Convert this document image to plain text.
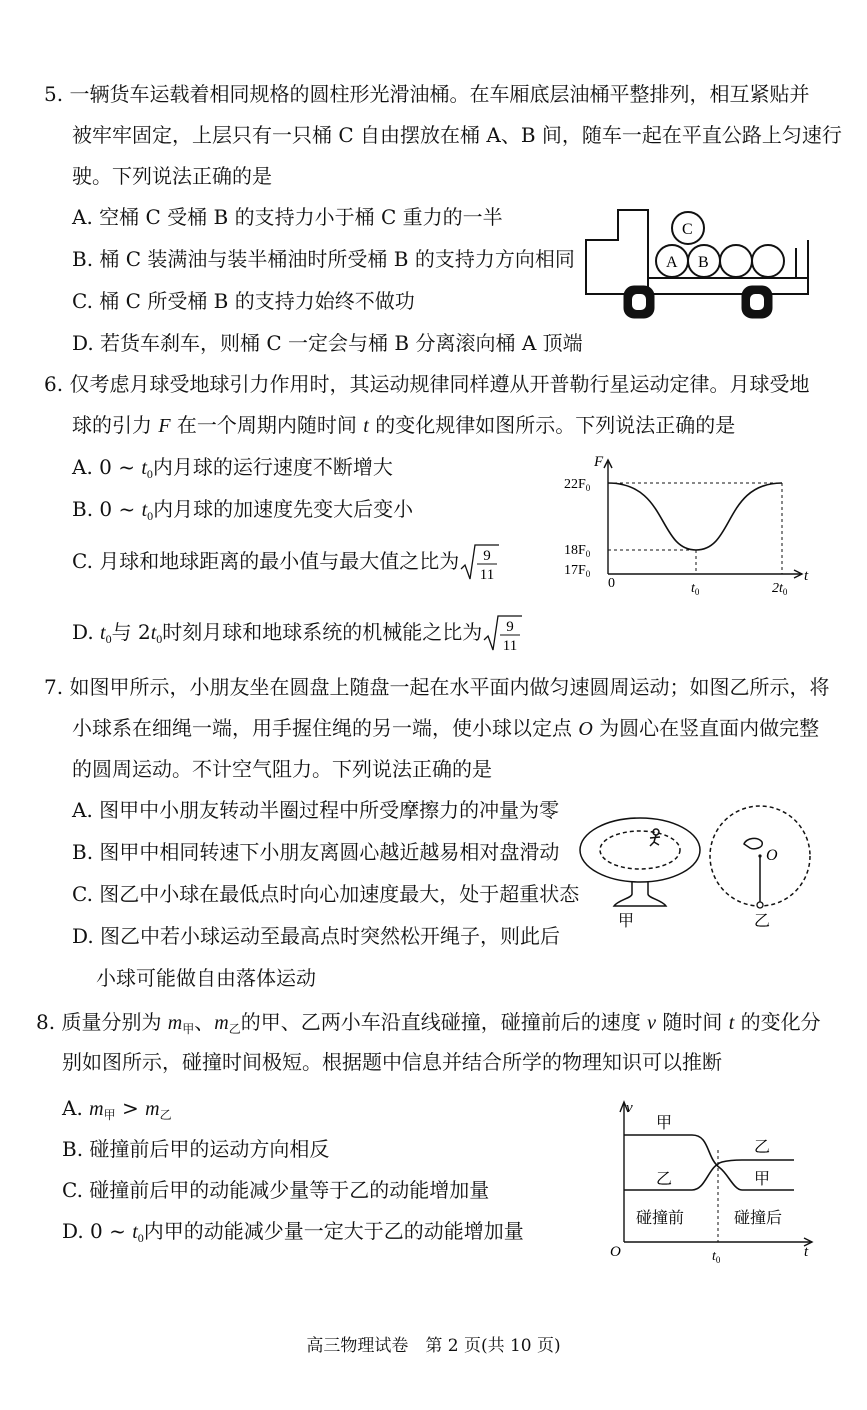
5. 一辆货车运载着相同规格的圆柱形光滑油桶。在车厢底层油桶平整排列，相互紧贴并
被牢牢固定，上层只有一只桶 C 自由摆放在桶 A、B 间，随车一起在平直公路上匀速行
驶。下列说法正确的是
A. 空桶 C 受桶 B 的支持力小于桶 C 重力的一半
B. 桶 C 装满油与装半桶油时所受桶 B 的支持力方向相同
C. 桶 C 所受桶 B 的支持力始终不做功
D. 若货车刹车，则桶 C 一定会与桶 B 分离滚向桶 A 顶端
A B
C
6. 仅考虑月球受地球引力作用时，其运动规律同样遵从开普勒行星运动定律。月球受地
球的引力 F 在一个周期内随时间 t 的变化规律如图所示。下列说法正确的是
A. 0 ~ $t_0$内月球的运行速度不断增大
B. 0 ~ $t_0$内月球的加速度先变大后变小
C. 月球和地球距离的最小值与最大值之比为 9
11
D. $t_0$与 $2t_0$时刻月球和地球系统的机械能之比为 9
11
F
t
$22F_0$
$18F_0$
$17F_0$
0	$t_0$	$2t_0$
7. 如图甲所示，小朋友坐在圆盘上随盘一起在水平面内做匀速圆周运动；如图乙所示，将
小球系在细绳一端，用手握住绳的另一端，使小球以定点 O 为圆心在竖直面内做完整
的圆周运动。不计空气阻力。下列说法正确的是
A. 图甲中小朋友转动半圈过程中所受摩擦力的冲量为零
B. 图甲中相同转速下小朋友离圆心越近越易相对盘滑动
C. 图乙中小球在最低点时向心加速度最大，处于超重状态
D. 图乙中若小球运动至最高点时突然松开绳子，则此后
小球可能做自由落体运动
O
甲	乙
8. 质量分别为 $m_甲$、$m_乙$的甲、乙两小车沿直线碰撞，碰撞前后的速度 v 随时间 t 的变化分
别如图所示，碰撞时间极短。根据题中信息并结合所学的物理知识可以推断
A. $m_甲 > m_乙$
B. 碰撞前后甲的运动方向相反
C. 碰撞前后甲的动能减少量等于乙的动能增加量
D. 0 ~ $t_0$内甲的动能减少量一定大于乙的动能增加量
v
t
O	$t_0$
甲
乙
乙
甲
碰撞前	碰撞后
高三物理试卷　第 2 页(共 10 页)
